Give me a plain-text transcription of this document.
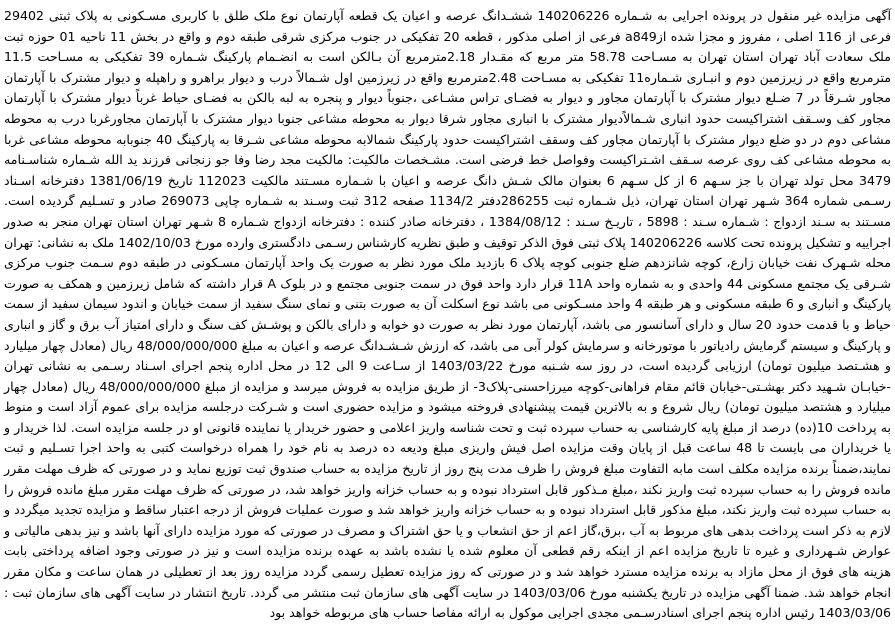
آگهی مزایده غیر منقول در پرونده اجرایی به شـماره 140206226 ششـدانگ عرصه و اعیان یک قطعه آپارتمان نوع ملک طلق با کاربری مسـکونی به پلاک ثبتی 29402 فرعی از 116 اصلی ، مفروز و مجزا شده ازa849 فرعی از اصلی مذکور ، قطعه 20 تفکیکی در جنوب مرکزی شرقی طبقه دوم و واقع در بخش 11 ناحیه 01 حوزه ثبت ملک سعادت آباد تهران استان تهران به مسـاحت 58.78 متر مربع که مقـدار 2.18مترمربع آن بـالکن است به انضـمام پارکینگ شـماره 39 تفکیکی به مسـاحت 11.5 مترمربع واقع در زیرزمین دوم و انبـاری شـماره11 تفکیکی به مسـاحت 2.48مترمربع واقع در زیرزمین اول شـمالاً درب و دیوار براهرو و راهپله و دیوار مشترک با آپارتمان مجاور شـرقاً در 7 ضـلع دیوار مشترک با آپارتمان مجاور و دیوار به فضـای تراس مشـاعی ،جنوباً دیوار و پنجره به لبه بالکن به فضـای حیاط غرباً دیوار مشترک با آپارتمان مجاور کف وسـقف اشتراکیست حدود انباری شـمالاًدیوار مشترک با انباری مجاور شرقا دیوار به محوطه مشاعی جنوبا دیوار مشترک با آپارتمان مجاورغربا درب به محوطه مشاعی دوم در دو ضلع دیوار مشترک با آپارتمان مجاور کف وسقف اشتراکیست حدود پارکینگ شمالابه محوطه مشاعی شـرقا به پارکینگ 40 جنوبابه محوطه مشاعی غربا به محوطه مشاعی کف روی عرصه سـقف اشـتراکیست وفواصل خط فرضی است. مشـخصات مالکیت: مالکیت مجد رضا وفا جو زنجانی فرزند ید الله شـماره شناسـنامه 3479 محل تولد تهران با جز سـهم 6 از کل سـهم 6 بعنوان مالک شـش دانگ عرصه و اعیان با شـماره مسـتند مالکیت 112023 تاریخ 1381/06/19 دفترخانه اسـناد رسـمی شماره 364 شـهر تهران استان تهران، ذیل شـماره ثبت 286255دفتر 1134/2 صفحه 312 ثبت وسـند به شـماره چاپی 269073 صادر و تسـلیم گردیده است. مسـتند به سـند ازدواج : شـماره سـند : 5898 ، تاریـخ سـند : 1384/08/12 ، دفترخانه صادر کننده : دفترخانه ازدواج شـماره 8 شـهر تهران استان تهران منجر به صدور اجراییه و تشکیل پرونده تحت کلاسه 140206226 پلاک ثبتی فوق الذکر توقیف و طبق نظریه کارشناس رسـمی دادگستری وارده مورخ 1402/10/03 ملک به نشانی: تهران محله شـهرک نفت خیابان زارع، کوچه شانزدهم ضلع جنوبی کوچه پلاک 6 بازدید ملک مورد نظر به صورت یک واحد آپارتمان مسـکونی در طبقه دوم سـمت جنوب مرکزی شـرقی یک مجتمع مسکونی 44 واحدی و به شماره واحد 11A قرار دارد واحد فوق در سمت جنوبی مجتمع و در بلوک A قرار داشته که شامل زیرزمین و همکف به صورت پارکینگ و انباری و 6 طبقه مسکونی و هر طبقه 4 واحد مسـکونی می باشد نوع اسکلت آن به صورت بتنی و نمای سنگ سفید از سمت خیابان و اندود سیمان سفید از سمت حیاط و با قدمت حدود 20 سال و دارای آسانسور می باشد، آپارتمان مورد نظر به صورت دو خوابه و دارای بالکن و پوشـش کف سنگ و دارای امتیاز آب برق و گاز و انباری و پارکینگ و سیستم گرمایش رادیاتور با موتورخانه و سرمایش کولر آبی می باشد، که ارزش شـشـدانگ عرصه و اعیان به مبلغ 48/000/000/000 ریال (معادل چهار میلیارد و هشـتصد میلیون تومان) ارزیابی گردیده است، در روز سه شـنبه مورخ 1403/03/22 از سـاعت 9 الی 12 در محل اداره پنجم اجرای اسـناد رسـمی به نشانی تهران -خیابـان شـهید دکتر بهشـتی-خیابان قائم مقام فراهانی-کوچه میرزاحسنی-پلاک3- از طریق مزایده به فروش میرسد و مزایده از مبلغ 48/000/000/000 ریال (معادل چهار میلیارد و هشتصد میلیون تومان) ریال شروع و به بالاترین قیمت پیشنهادی فروخته میشود و مزایده حضوری است و شـرکت درجلسه مزایده برای عموم آزاد است و منوط به پرداخت 10(ده) درصد از مبلغ پایه کارشناسی به حساب سپرده ثبت و تحت شناسه واریز اعلامی و حضور خریدار یا نماینده قانونی او در جلسه مزایده است. لذا خریدار و یا خریداران می بایست تا 48 ساعت قبل از پایان وقت مزایده اصل فیش واریزی مبلغ ودیعه ده درصد به نام خود را همراه درخواست کتبی به واحد اجرا تسـلیم و ثبت نمایند،ضمناً برنده مزایده مکلف است مابه التفاوت مبلغ فروش را ظرف مدت پنج روز از تاریخ مزایده به حساب صندوق ثبت توزیع نماید و در صورتی که ظرف مهلت مقرر مانده فروش را به حساب سپرده ثبت واریز نکند ،مبلغ مـذکور قابل استرداد نبوده و به حساب خزانه واریز خواهد شد، در صورتی که ظرف مهلت مقرر مبلغ مانده فروش را به حساب سپرده ثبت واریز نکند، مبلغ مذکور قابل استرداد نبوده و به حساب خزانه واریز خواهد شد و صورت عملیات فروش از درجه اعتبار ساقط و مزایده تجدید میگردد و لازم به ذکر است پرداخت بدهی های مربوط به آب ،برق،گاز اعم از حق انشعاب و یا حق اشتراک و مصرف در صورتی که مورد مزایده دارای آنها باشد و نیز بدهی مالیاتی و عوارض شـهرداری و غیره تا تاریخ مزایده اعم از اینکه رقم قطعی آن معلوم شده یا نشده باشد به عهده برنده مزایده است و نیز در صورتی وجود اضافه پرداختی بابت هزینه های فوق از محل مازاد به برنده مزایده مسترد خواهد شد و در صورتی که روز مزایده تعطیل رسمی گردد مزایده روز بعد از تعطیلی در همان ساعت و مکان مقرر انجام خواهد شد. ضمنا آگهی مزایده در تاریخ یکشنبه مورخ 1403/03/06 در سایت آگهی های سازمان ثبت منتشر می گردد. تاریخ انتشار در سایت آگهی های سازمان ثبت : 1403/03/06 رئیس اداره پنجم اجرای اسنادرسـمی مجدی اجرایی موکول به ارائه مفاصا حساب های مربوطه خواهد بود
